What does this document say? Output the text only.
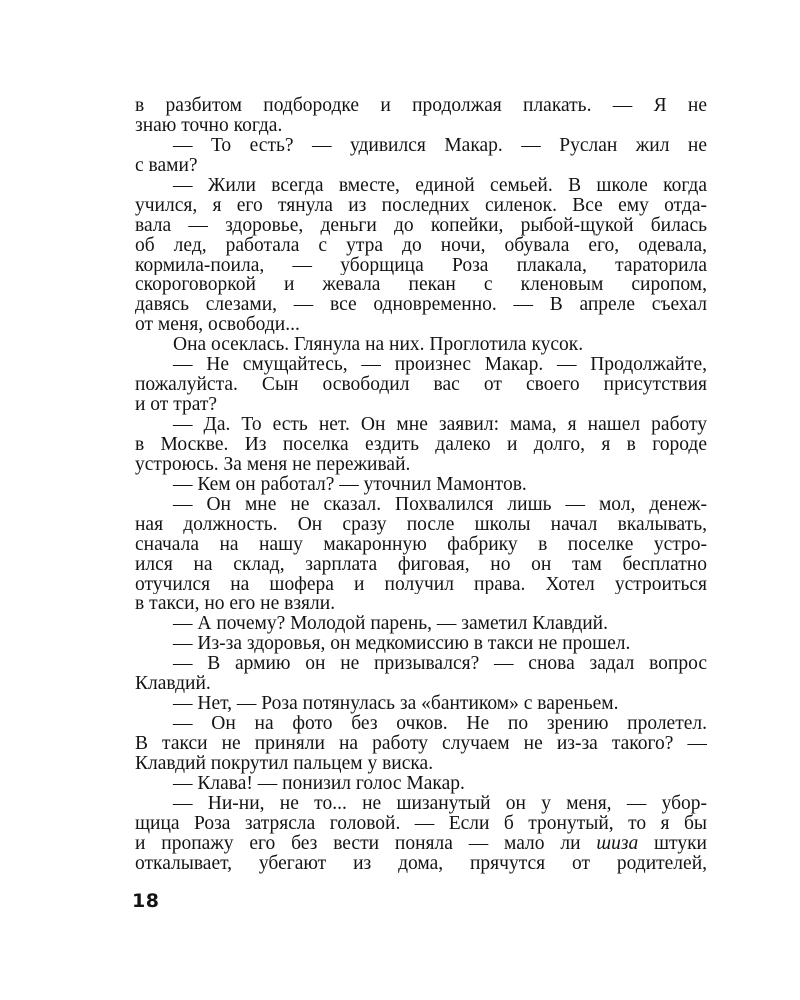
в разбитом подбородке и продолжая плакать. — Я не
знаю точно когда.
— То есть? — удивился Макар. — Руслан жил не
с вами?
— Жили всегда вместе, единой семьей. В школе когда
учился, я его тянула из последних силенок. Все ему отда-
вала — здоровье, деньги до копейки, рыбой-щукой билась
об лед, работала с утра до ночи, обувала его, одевала,
кормила-поила, — уборщица Роза плакала, тараторила
скороговоркой и жевала пекан с кленовым сиропом,
давясь слезами, — все одновременно. — В апреле съехал
от меня, освободи...
Она осеклась. Глянула на них. Проглотила кусок.
— Не смущайтесь, — произнес Макар. — Продолжайте,
пожалуйста. Сын освободил вас от своего присутствия
и от трат?
— Да. То есть нет. Он мне заявил: мама, я нашел работу
в Москве. Из поселка ездить далеко и долго, я в городе
устроюсь. За меня не переживай.
— Кем он работал? — уточнил Мамонтов.
— Он мне не сказал. Похвалился лишь — мол, денеж-
ная должность. Он сразу после школы начал вкалывать,
сначала на нашу макаронную фабрику в поселке устро-
ился на склад, зарплата фиговая, но он там бесплатно
отучился на шофера и получил права. Хотел устроиться
в такси, но его не взяли.
— А почему? Молодой парень, — заметил Клавдий.
— Из-за здоровья, он медкомиссию в такси не прошел.
— В армию он не призывался? — снова задал вопрос
Клавдий.
— Нет, — Роза потянулась за «бантиком» с вареньем.
— Он на фото без очков. Не по зрению пролетел.
В такси не приняли на работу случаем не из-за такого? —
Клавдий покрутил пальцем у виска.
— Клава! — понизил голос Макар.
— Ни-ни, не то... не шизанутый он у меня, — убор-
щица Роза затрясла головой. — Если б тронутый, то я бы
и пропажу его без вести поняла — мало ли шиза штуки
откалывает, убегают из дома, прячутся от родителей,
18
